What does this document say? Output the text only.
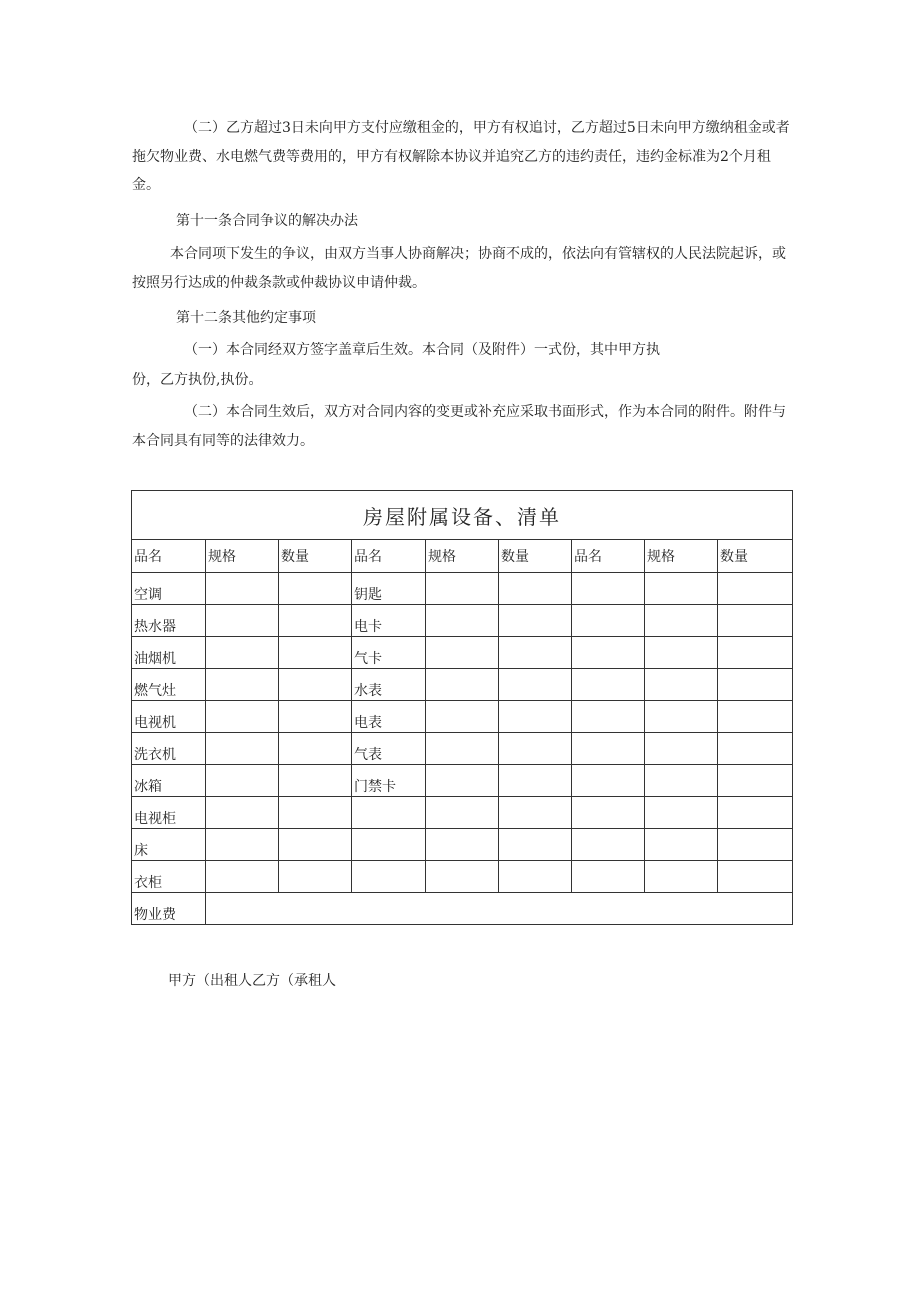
（二）乙方超过3日未向甲方支付应缴租金的，甲方有权追讨，乙方超过5日未向甲方缴纳租金或者拖欠物业费、水电燃气费等费用的，甲方有权解除本协议并追究乙方的违约责任，违约金标准为2个月租金。

第十一条合同争议的解决办法

本合同项下发生的争议，由双方当事人协商解决；协商不成的，依法向有管辖权的人民法院起诉，或按照另行达成的仲裁条款或仲裁协议申请仲裁。

第十二条其他约定事项

（一）本合同经双方签字盖章后生效。本合同（及附件）一式份，其中甲方执

份，乙方执份,执份。

（二）本合同生效后，双方对合同内容的变更或补充应采取书面形式，作为本合同的附件。附件与本合同具有同等的法律效力。

房屋附属设备、清单								
品名	规格	数量	品名	规格	数量	品名	规格	数量
空调			钥匙					
热水器			电卡					
油烟机			气卡					
燃气灶			水表					
电视机			电表					
洗衣机			气表					
冰箱			门禁卡					
电视柜								
床								
衣柜								
物业费								

甲方（出租人乙方（承租人
